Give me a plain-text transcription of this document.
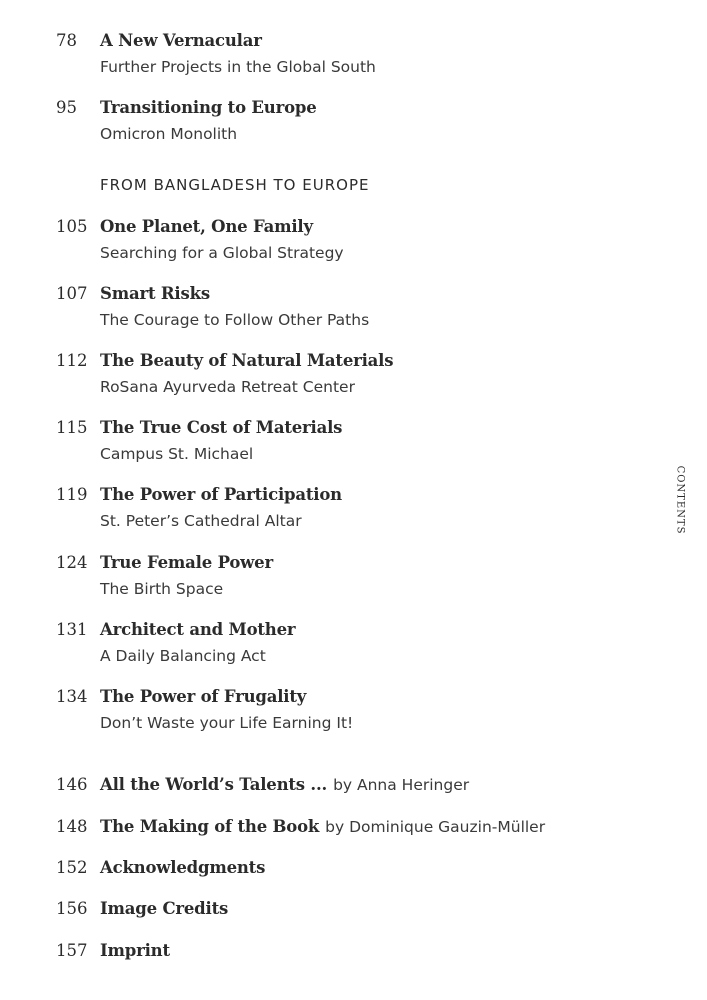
78	A New Vernacular
Further Projects in the Global South
95	Transitioning to Europe
Omicron Monolith
FROM BANGLADESH TO EUROPE
105 One Planet, One Family
Searching for a Global Strategy
107 Smart Risks
The Courage to Follow Other Paths
112 The Beauty of Natural Materials
RoSana Ayurveda Retreat Center
115 The True Cost of Materials
Campus St. Michael
119 The Power of Participation
St. Peter’s Cathedral Altar
124 True Female Power
The Birth Space
131 Architect and Mother
A Daily Balancing Act
134 The Power of Frugality
Don’t Waste your Life Earning It!
146 All the World’s Talents ... by Anna Heringer
148 The Making of the Book by Dominique Gauzin-Müller
152 Acknowledgments
156 Image Credits
157 Imprint
CONTENTS
